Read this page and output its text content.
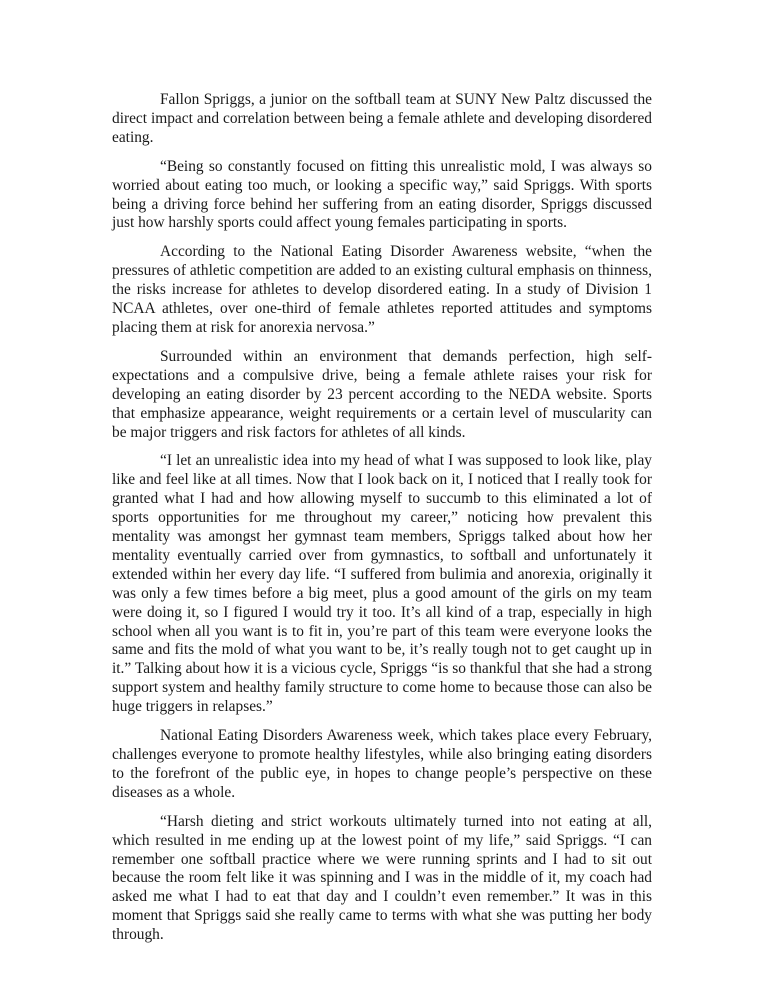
Fallon Spriggs, a junior on the softball team at SUNY New Paltz discussed the direct impact and correlation between being a female athlete and developing disordered eating.

“Being so constantly focused on fitting this unrealistic mold, I was always so worried about eating too much, or looking a specific way,” said Spriggs. With sports being a driving force behind her suffering from an eating disorder, Spriggs discussed just how harshly sports could affect young females participating in sports.

According to the National Eating Disorder Awareness website, “when the pressures of athletic competition are added to an existing cultural emphasis on thinness, the risks increase for athletes to develop disordered eating. In a study of Division 1 NCAA athletes, over one-third of female athletes reported attitudes and symptoms placing them at risk for anorexia nervosa.”

Surrounded within an environment that demands perfection, high self-expectations and a compulsive drive, being a female athlete raises your risk for developing an eating disorder by 23 percent according to the NEDA website. Sports that emphasize appearance, weight requirements or a certain level of muscularity can be major triggers and risk factors for athletes of all kinds.

“I let an unrealistic idea into my head of what I was supposed to look like, play like and feel like at all times. Now that I look back on it, I noticed that I really took for granted what I had and how allowing myself to succumb to this eliminated a lot of sports opportunities for me throughout my career,” noticing how prevalent this mentality was amongst her gymnast team members, Spriggs talked about how her mentality eventually carried over from gymnastics, to softball and unfortunately it extended within her every day life. “I suffered from bulimia and anorexia, originally it was only a few times before a big meet, plus a good amount of the girls on my team were doing it, so I figured I would try it too. It’s all kind of a trap, especially in high school when all you want is to fit in, you’re part of this team were everyone looks the same and fits the mold of what you want to be, it’s really tough not to get caught up in it.” Talking about how it is a vicious cycle, Spriggs “is so thankful that she had a strong support system and healthy family structure to come home to because those can also be huge triggers in relapses.”

National Eating Disorders Awareness week, which takes place every February, challenges everyone to promote healthy lifestyles, while also bringing eating disorders to the forefront of the public eye, in hopes to change people’s perspective on these diseases as a whole.

“Harsh dieting and strict workouts ultimately turned into not eating at all, which resulted in me ending up at the lowest point of my life,” said Spriggs. “I can remember one softball practice where we were running sprints and I had to sit out because the room felt like it was spinning and I was in the middle of it, my coach had asked me what I had to eat that day and I couldn’t even remember.” It was in this moment that Spriggs said she really came to terms with what she was putting her body through.
